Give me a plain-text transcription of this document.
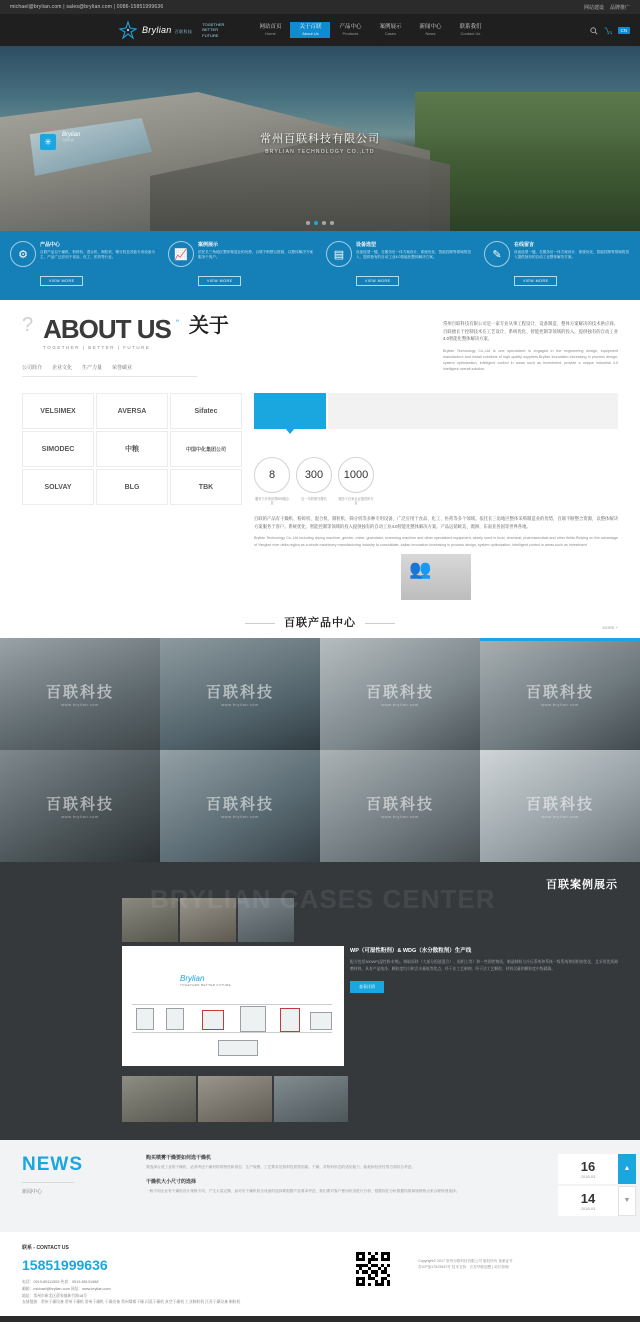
michael@brylian.com | sales@brylian.com | 0086-15851999636	网站建设 品牌推广
Brylian 百联科技
TOGETHER
BETTER
FUTURE
网站首页
Home
关于百联
About Us
产品中心
Products
案例展示
Cases
新闻中心
News
联系我们
Contact Us
CN
✳
Brylian
百联科技	常州百联科技有限公司
BRYLIAN TECHNOLOGY CO.,LTD
⚙
产品中心
百联产品以干燥机、粉碎机、混合机、制粒机、筛分机及其他专用设备为主，产品广泛应用于食品、化工、医药等行业。
VIEW MORE
📈
案例展示
依托长三角地区整体制造业的优势，百联不断整合资源，以整体解决方案服务于客户。
VIEW MORE
▤
设备选型
设备选型一键，在服务后一体方案设计、系统优化、智能控制等领域的投入，提供独有的自动工业4.0智能化整体解决方案。
VIEW MORE
✎
在线留言
设备选型一键，在服务后一体方案设计、系统优化、智能控制等领域的投入提供独有的自动工业整体解决方案。
VIEW MORE
? ABOUT US
TOGETHER | BETTER | FUTURE.
关于
“	常州百联科技有限公司是一家专业从事工程设计、设备制造、整体方案解决的技术供应商。百联擅长于控制技术在工艺设计、系统优化、智能控制等领域的投入，提供独有的自动工业4.0智能化整体解决方案。
Brylian Technology Co.,Ltd is one specialized is engaged in the engineering design, equipment manufacture and install solutions of high quality suppliers.Brylian innovation increasing in process design, system optimization, intelligent control in areas such as investment, provide a unique industrial 4.0 intelligent overall solution.
公司简介 企业文化 生产力量 荣誉碳业
VELSIMEX	AVERSA	Sifatec
SIMODEC	中粮	中国中化集团公司
SOLVAY	BLG	TBK
8	300	1000
服务于多家世界500强企业
近一年的保守增长	服务于百家企业提供的专业
百联的产品有干燥机、粉碎机、混合机、制粒机、筛分机等多种专用设备，广泛应用于食品、化工、医药等多个领域。依托长三角地区整体采购制造业的优势，百联不断整合资源，以整体解决方案服务于客户。系统优化、智能控制等领域的投入提供独有的自动工业4.0智能化整体解决方案。产品远销欧美、澳洲、东南亚各国等世界各地。
Brylian Technology Co.,Ltd including drying machine, grinder, mixer, granulator, screening machine and other specialized equipment, widely used in food, chemical, pharmaceutical and other fields.Relying on the advantage of Yangtze river delta region as a whole machinery manufacturing industry to consolidate, balian innovation increasing in process design, system optimization, intelligent control in areas such as investment
👥
百联产品中心	MORE +
百联科技
www.brylian.com
百联科技
www.brylian.com
百联科技
www.brylian.com
百联科技
www.brylian.com
百联科技
www.brylian.com
百联科技
www.brylian.com
百联科技
www.brylian.com
百联科技
www.brylian.com
BRYLIAN CASES CENTER	百联案例展示
Brylian
TOGETHER BETTER FUTURE
WP（可湿性粉剂）& WDG（水分散粒剂）生产线
配方包括300WP(湿性粉末剂)、制取原料（大部分固液混合）、固相上等）和一些固性物质，制造制粉与冷压系统和系统一级系统和固相的优化，且采用优质耐磨材料，具有产品纯净、颗粒度均匀和含水量低等优点，经干法工艺制剂、经干法工艺颗粒，材料含量和颗粒度中级精确。
查看详情
NEWS
新闻中心
购买喷雾干燥要如何选干燥机
要选择合适工业的干燥机，必须考虑干燥材料的特性和形态、生产规模、工艺要求及物料性质等因素。干燥、对物料形态的适应能力、能耗和经济性等方面综合考虑。
干燥机大小尺寸的选择
一般不同企业有干燥机设计规格不同，产生大量定额、而对应干燥机机全设备的选择要根据产品要求考虑，我们要对客户使用状况进行分析，根据现在分析数据结果和规格特点来合理规划选择。
16
2018-03
▲
14
2018-03
▼
联系 - CONTACT US
15851999636
电话：0519-85111553 传真：0519-85131988
邮箱：michael@brylian.com 网址：www.brylian.com
地址：常州市新北区薛家镇新竹路18号
友情链接：常州干燥设备 常州干燥机 常州干燥机 干燥设备 常州喷雾干燥 闪蒸干燥机 真空干燥机 工业制粒机 江苏干燥设备 制粒机
Copyright© 2017 常州百联科技有限公司 版权所有 备案证号
苏ICP备17023947号 技术支持：江苏华联创想 | 站长管理
